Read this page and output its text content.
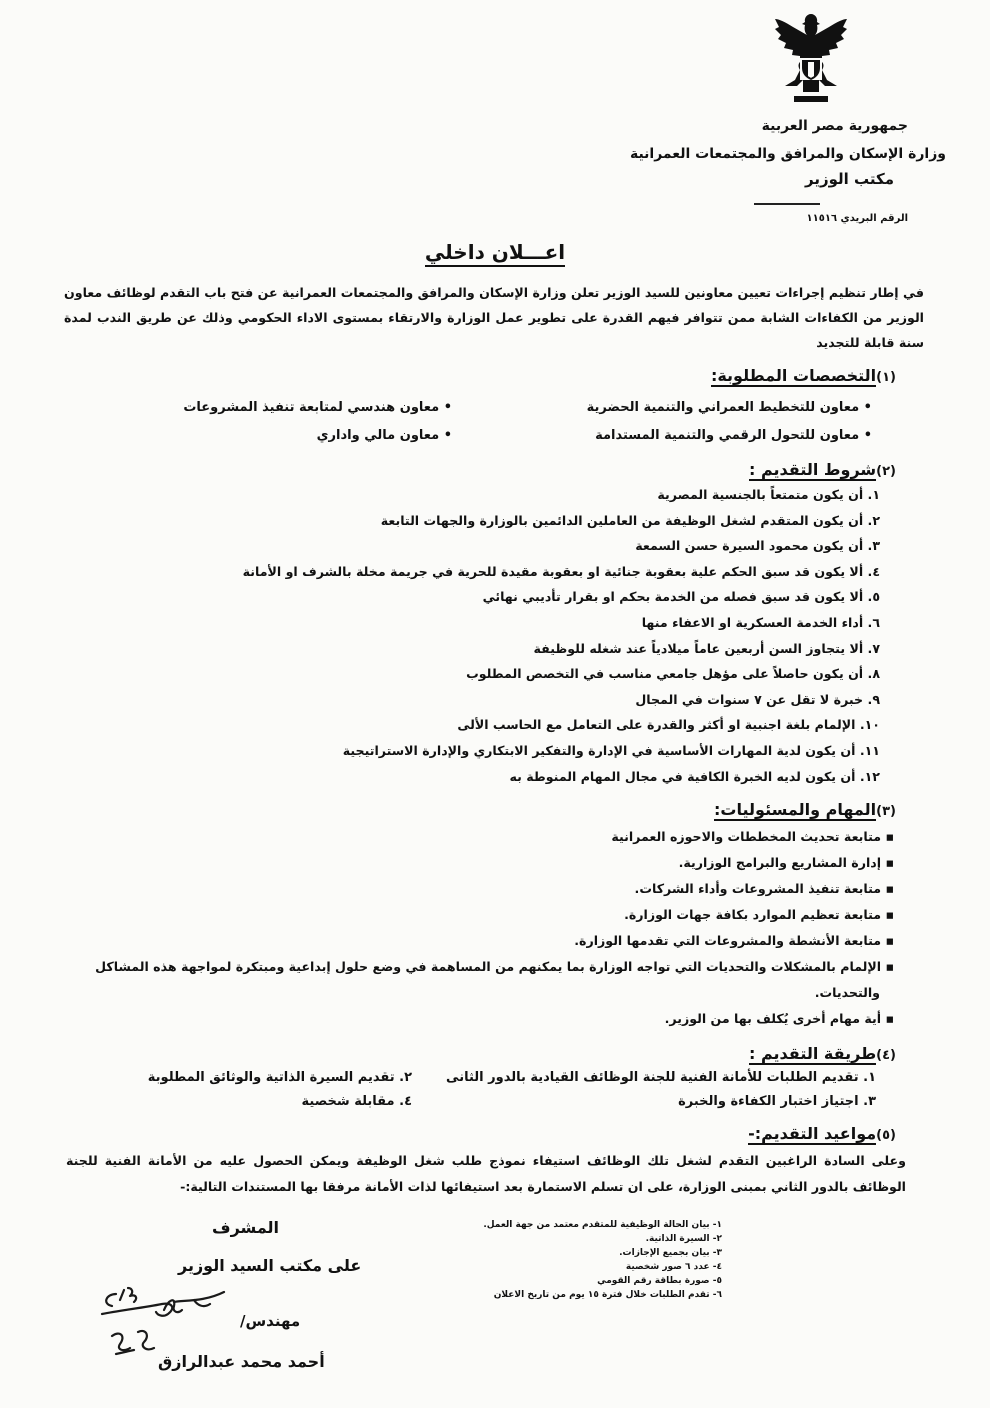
جمهورية مصر العربية
وزارة الإسكان والمرافق والمجتمعات العمرانية
مكتب الوزير
الرقم البريدي ١١٥١٦
اعـــلان داخلي
في إطار تنظيم إجراءات تعيين معاونين للسيد الوزير تعلن وزارة الإسكان والمرافق والمجتمعات العمرانية عن فتح باب التقدم لوظائف معاون الوزير من الكفاءات الشابة ممن تتوافر فيهم القدرة على تطوير عمل الوزارة والارتقاء بمستوى الاداء الحكومي وذلك عن طريق الندب لمدة سنة قابلة للتجديد
(١)التخصصات المطلوبة:
• معاون للتخطيط العمراني والتنمية الحضرية
• معاون للتحول الرقمي والتنمية المستدامة
• معاون هندسي لمتابعة تنفيذ المشروعات
• معاون مالي واداري
(٢)شروط التقديم :
١. أن يكون متمتعاً بالجنسية المصرية
٢. أن يكون المتقدم لشغل الوظيفة من العاملين الدائمين بالوزارة والجهات التابعة
٣. أن يكون محمود السيرة حسن السمعة
٤. ألا يكون قد سبق الحكم علية بعقوبة جنائية او بعقوبة مقيدة للحرية في جريمة مخلة بالشرف او الأمانة
٥. ألا يكون قد سبق فصله من الخدمة بحكم او بقرار تأديبي نهائي
٦. أداء الخدمة العسكرية او الاعفاء منها
٧. ألا يتجاوز السن أربعين عاماً ميلادياً عند شغله للوظيفة
٨. أن يكون حاصلاً على مؤهل جامعي مناسب في التخصص المطلوب
٩. خبرة لا تقل عن ٧ سنوات في المجال
١٠. الإلمام بلغة اجنبية او أكثر والقدرة على التعامل مع الحاسب الألى
١١. أن يكون لدية المهارات الأساسية في الإدارة والتفكير الابتكاري والإدارة الاستراتيجية
١٢. أن يكون لديه الخبرة الكافية في مجال المهام المنوطة به
(٣)المهام والمسئوليات:
▪ متابعة تحديث المخططات والاحوزه العمرانية
▪ إدارة المشاريع والبرامج الوزارية.
▪ متابعة تنفيذ المشروعات وأداء الشركات.
▪ متابعة تعظيم الموارد بكافة جهات الوزارة.
▪ متابعة الأنشطة والمشروعات التي تقدمها الوزارة.
▪ الإلمام بالمشكلات والتحديات التي تواجه الوزارة بما يمكنهم من المساهمة في وضع حلول إبداعية ومبتكرة لمواجهة هذه المشاكل والتحديات.
▪ أية مهام أخرى يُكلف بها من الوزير.
(٤)طريقة التقديم :
١. تقديم الطلبات للأمانة الفنية للجنة الوظائف القيادية بالدور الثانى
٣. اجتياز اختبار الكفاءة والخبرة
٢. تقديم السيرة الذاتية والوثائق المطلوبة
٤. مقابلة شخصية
(٥)مواعيد التقديم:-
وعلى السادة الراغبين التقدم لشغل تلك الوظائف استيفاء نموذج طلب شغل الوظيفة ويمكن الحصول عليه من الأمانة الفنية للجنة الوظائف بالدور الثاني بمبنى الوزارة، على ان تسلم الاستمارة بعد استيفائها لذات الأمانة مرفقا بها المستندات التالية:-
١- بيان الحالة الوظيفية للمتقدم معتمد من جهة العمل.
٢- السيرة الذاتية.
٣- بيان بجميع الإجازات.
٤- عدد ٦ صور شخصية
٥- صورة بطاقة رقم القومي
٦- تقدم الطلبات خلال فترة ١٥ يوم من تاريخ الاعلان
المشرف
على مكتب السيد الوزير
مهندس/
أحمد محمد عبدالرازق
